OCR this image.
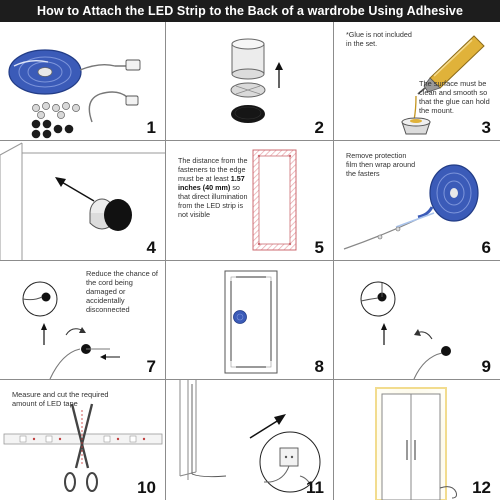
How to Attach the LED Strip to the Back of a wardrobe Using Adhesive
1	2
*Glue is not included in the set.
The surface must be clean and smooth so that the glue can hold the mount.
3
4
The distance from the fasteners to the edge must be at least 1.57 inches (40 mm) so that direct illumination from the LED strip is not visible
5
Remove protection film then wrap around the fasters
6
Reduce the chance of the cord being damaged or accidentally disconnected
7	8	9
Measure and cut the required amount of LED tape
10	11	12
